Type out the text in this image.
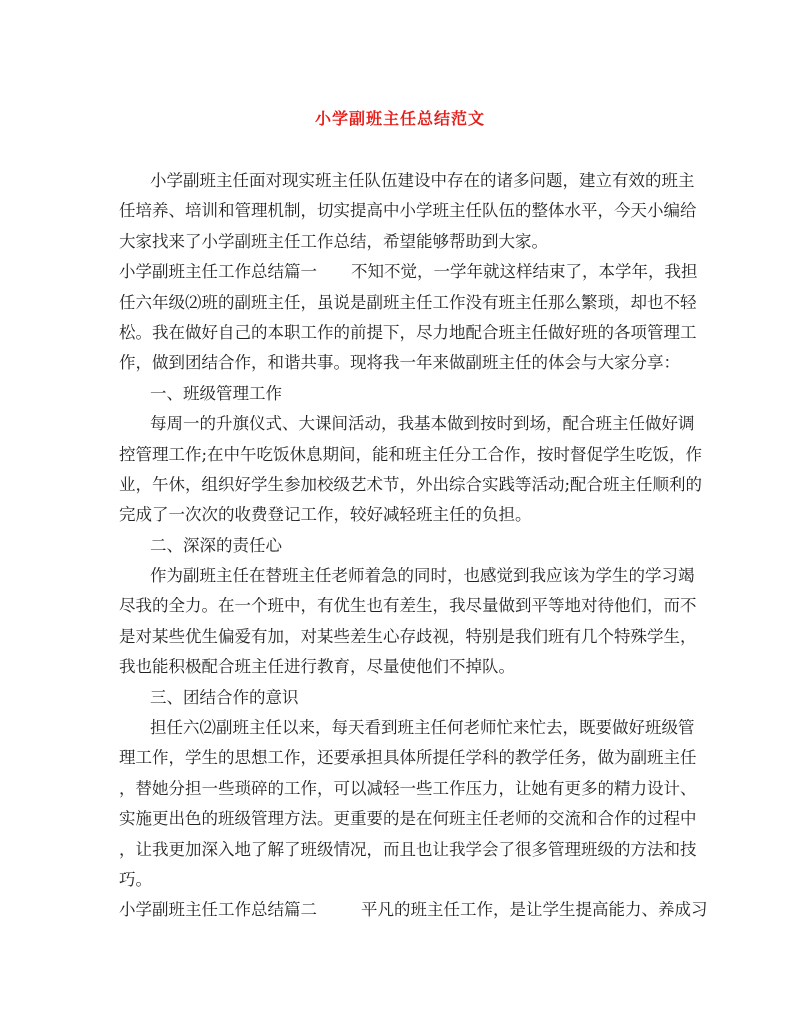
小学副班主任总结范文
小学副班主任面对现实班主任队伍建设中存在的诸多问题，建立有效的班主
任培养、培训和管理机制，切实提高中小学班主任队伍的整体水平，今天小编给
大家找来了小学副班主任工作总结，希望能够帮助到大家。
小学副班主任工作总结篇一 不知不觉，一学年就这样结束了，本学年，我担
任六年级⑵班的副班主任，虽说是副班主任工作没有班主任那么繁琐，却也不轻
松。我在做好自己的本职工作的前提下，尽力地配合班主任做好班的各项管理工
作，做到团结合作，和谐共事。现将我一年来做副班主任的体会与大家分享：
一、班级管理工作
每周一的升旗仪式、大课间活动，我基本做到按时到场，配合班主任做好调
控管理工作;在中午吃饭休息期间，能和班主任分工合作，按时督促学生吃饭，作
业，午休，组织好学生参加校级艺术节，外出综合实践等活动;配合班主任顺利的
完成了一次次的收费登记工作，较好减轻班主任的负担。
二、深深的责任心
作为副班主任在替班主任老师着急的同时，也感觉到我应该为学生的学习竭
尽我的全力。在一个班中，有优生也有差生，我尽量做到平等地对待他们，而不
是对某些优生偏爱有加，对某些差生心存歧视，特别是我们班有几个特殊学生，
我也能积极配合班主任进行教育，尽量使他们不掉队。
三、团结合作的意识
担任六⑵副班主任以来，每天看到班主任何老师忙来忙去，既要做好班级管
理工作，学生的思想工作，还要承担具体所提任学科的教学任务，做为副班主任
，替她分担一些琐碎的工作，可以减轻一些工作压力，让她有更多的精力设计、
实施更出色的班级管理方法。更重要的是在何班主任老师的交流和合作的过程中
，让我更加深入地了解了班级情况，而且也让我学会了很多管理班级的方法和技
巧。
小学副班主任工作总结篇二	平凡的班主任工作，是让学生提高能力、养成习
